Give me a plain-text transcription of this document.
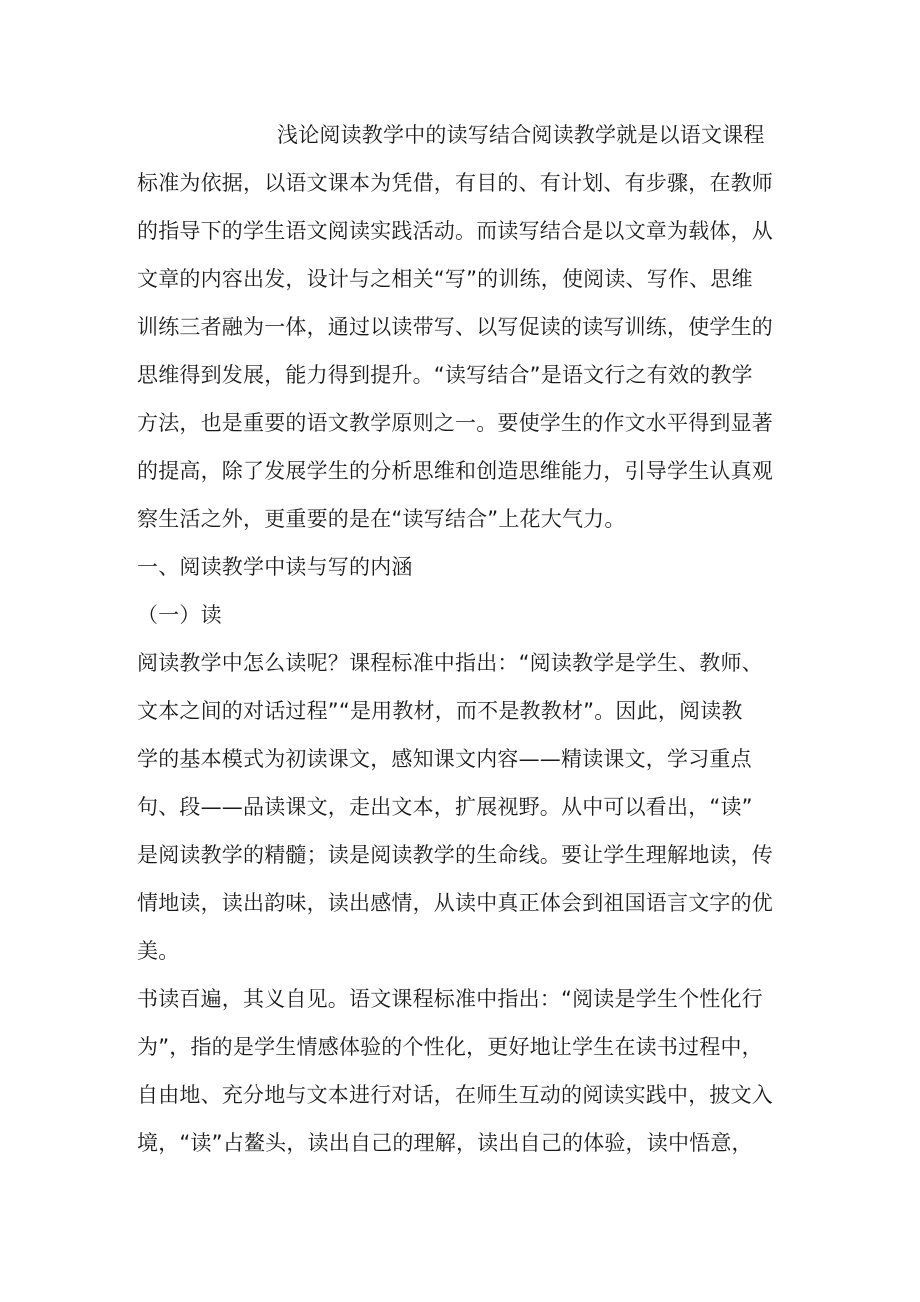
浅论阅读教学中的读写结合阅读教学就是以语文课程
标准为依据，以语文课本为凭借，有目的、有计划、有步骤，在教师
的指导下的学生语文阅读实践活动。而读写结合是以文章为载体，从
文章的内容出发，设计与之相关“写”的训练，使阅读、写作、思维
训练三者融为一体，通过以读带写、以写促读的读写训练，使学生的
思维得到发展，能力得到提升。“读写结合”是语文行之有效的教学
方法，也是重要的语文教学原则之一。要使学生的作文水平得到显著
的提高，除了发展学生的分析思维和创造思维能力，引导学生认真观
察生活之外，更重要的是在“读写结合”上花大气力。
一、阅读教学中读与写的内涵
（一）读
阅读教学中怎么读呢？课程标准中指出：“阅读教学是学生、教师、
文本之间的对话过程”“是用教材，而不是教教材”。因此，阅读教
学的基本模式为初读课文，感知课文内容——精读课文，学习重点
句、段——品读课文，走出文本，扩展视野。从中可以看出，“读”
是阅读教学的精髓；读是阅读教学的生命线。要让学生理解地读，传
情地读，读出韵味，读出感情，从读中真正体会到祖国语言文字的优
美。
书读百遍，其义自见。语文课程标准中指出：“阅读是学生个性化行
为”，指的是学生情感体验的个性化，更好地让学生在读书过程中，
自由地、充分地与文本进行对话，在师生互动的阅读实践中，披文入
境，“读”占鳌头，读出自己的理解，读出自己的体验，读中悟意，
